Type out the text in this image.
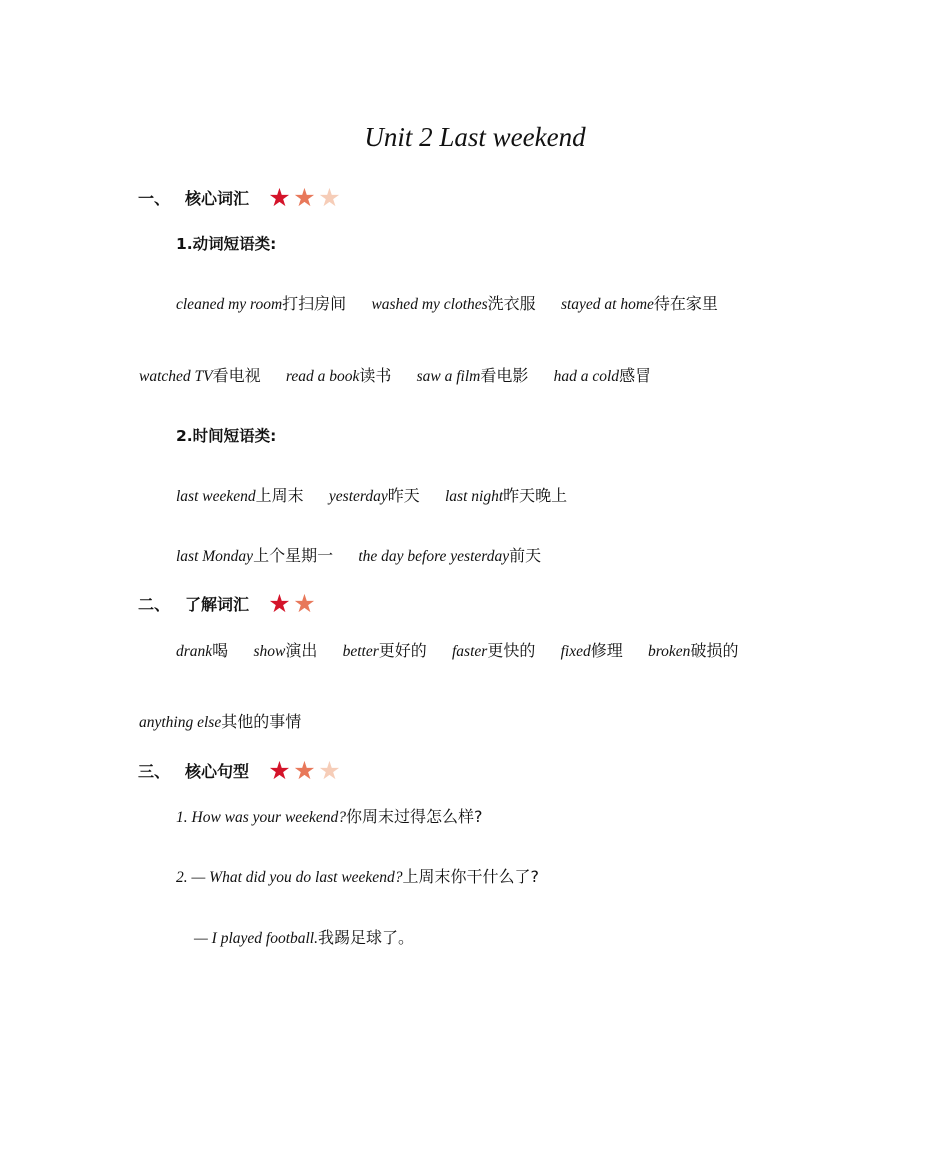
Unit 2 Last weekend
一、 核心词汇 ★ ★ ★
1.动词短语类:
cleaned my room打扫房间 washed my clothes洗衣服 stayed at home待在家里
watched TV看电视 read a book读书 saw a film看电影 had a cold感冒
2.时间短语类:
last weekend上周末 yesterday昨天 last night昨天晚上
last Monday上个星期一 the day before yesterday前天
二、 了解词汇 ★ ★
drank喝 show演出 better更好的 faster更快的 fixed修理 broken破损的
anything else其他的事情
三、 核心句型 ★ ★ ★
1. How was your weekend?你周末过得怎么样?
2. — What did you do last weekend?上周末你干什么了?
— I played football.我踢足球了。
